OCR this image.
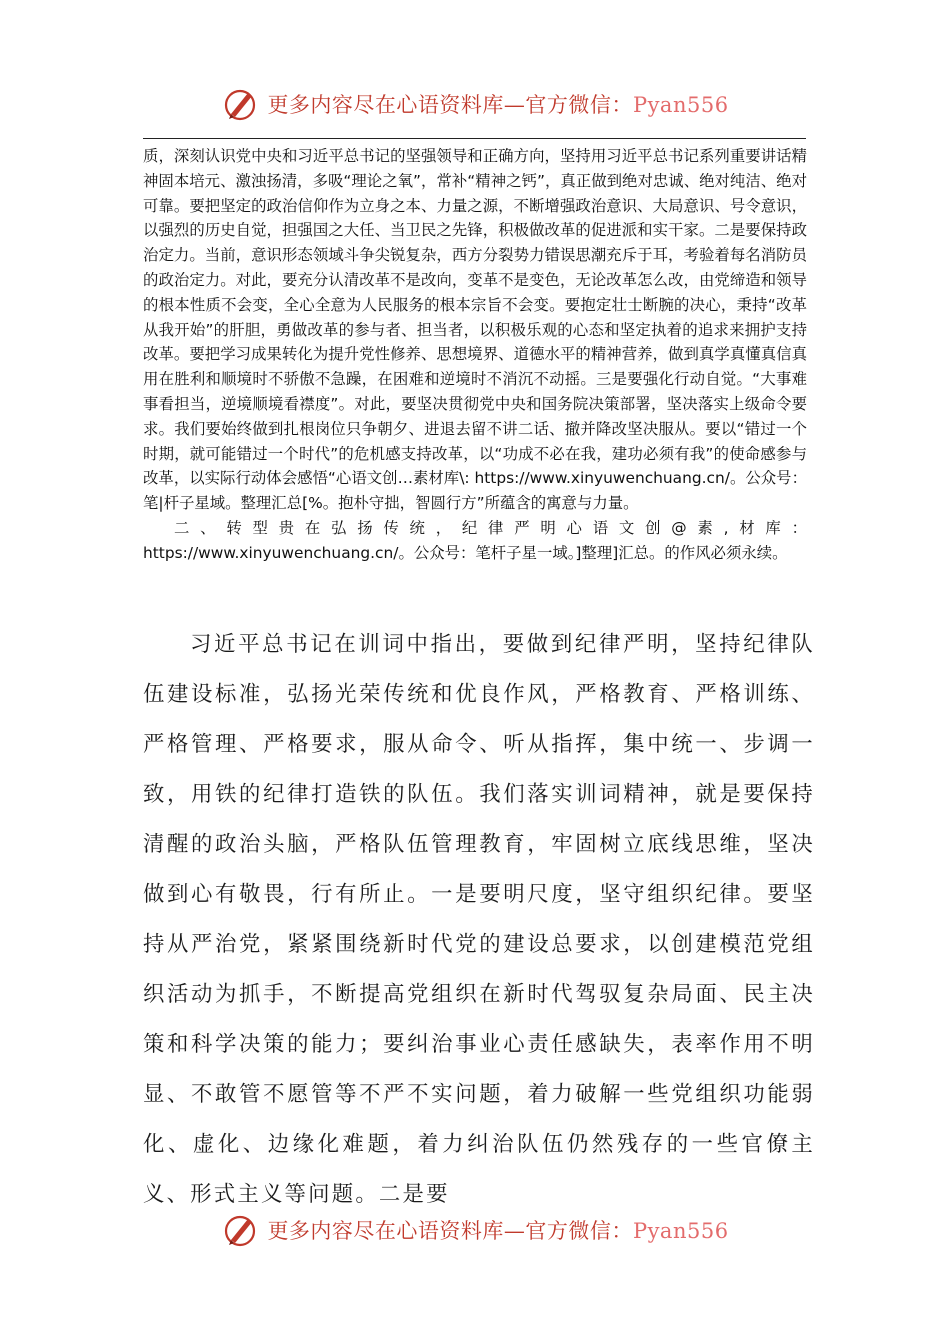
更多内容尽在心语资料库—官方微信：Pyan556

质，深刻认识党中央和习近平总书记的坚强领导和正确方向，坚持用习近平总书记系列重要讲话精神固本培元、激浊扬清，多吸“理论之氧”，常补“精神之钙”，真正做到绝对忠诚、绝对纯洁、绝对可靠。要把坚定的政治信仰作为立身之本、力量之源，不断增强政治意识、大局意识、号令意识，以强烈的历史自觉，担强国之大任、当卫民之先锋，积极做改革的促进派和实干家。二是要保持政治定力。当前，意识形态领域斗争尖锐复杂，西方分裂势力错误思潮充斥于耳，考验着每名消防员的政治定力。对此，要充分认清改革不是改向，变革不是变色，无论改革怎么改，由党缔造和领导的根本性质不会变，全心全意为人民服务的根本宗旨不会变。要抱定壮士断腕的决心，秉持“改革从我开始”的肝胆，勇做改革的参与者、担当者，以积极乐观的心态和坚定执着的追求来拥护支持改革。要把学习成果转化为提升党性修养、思想境界、道德水平的精神营养，做到真学真懂真信真用在胜利和顺境时不骄傲不急躁，在困难和逆境时不消沉不动摇。三是要强化行动自觉。“大事难事看担当，逆境顺境看襟度”。对此，要坚决贯彻党中央和国务院决策部署，坚决落实上级命令要求。我们要始终做到扎根岗位只争朝夕、进退去留不讲二话、撤并降改坚决服从。要以“错过一个时期，就可能错过一个时代”的危机感支持改革，以“功成不必在我，建功必须有我”的使命感参与改革，以实际行动体会感悟“心语文创…素材库\: https://www.xinyuwenchuang.cn/。公众号：笔|杆子星域。整理汇总[%。抱朴守拙，智圆行方”所蕴含的寓意与力量。

二、转型贵在弘扬传统，纪律严明心语文创@素,材库：https://www.xinyuwenchuang.cn/。公众号：笔杆子星一域。]整理]汇总。的作风必须永续。

习近平总书记在训词中指出，要做到纪律严明，坚持纪律队伍建设标准，弘扬光荣传统和优良作风，严格教育、严格训练、严格管理、严格要求，服从命令、听从指挥，集中统一、步调一致，用铁的纪律打造铁的队伍。我们落实训词精神，就是要保持清醒的政治头脑，严格队伍管理教育，牢固树立底线思维，坚决做到心有敬畏，行有所止。一是要明尺度，坚守组织纪律。要坚持从严治党，紧紧围绕新时代党的建设总要求，以创建模范党组织活动为抓手，不断提高党组织在新时代驾驭复杂局面、民主决策和科学决策的能力；要纠治事业心责任感缺失，表率作用不明显、不敢管不愿管等不严不实问题，着力破解一些党组织功能弱化、虚化、边缘化难题，着力纠治队伍仍然残存的一些官僚主义、形式主义等问题。二是要

更多内容尽在心语资料库—官方微信：Pyan556
